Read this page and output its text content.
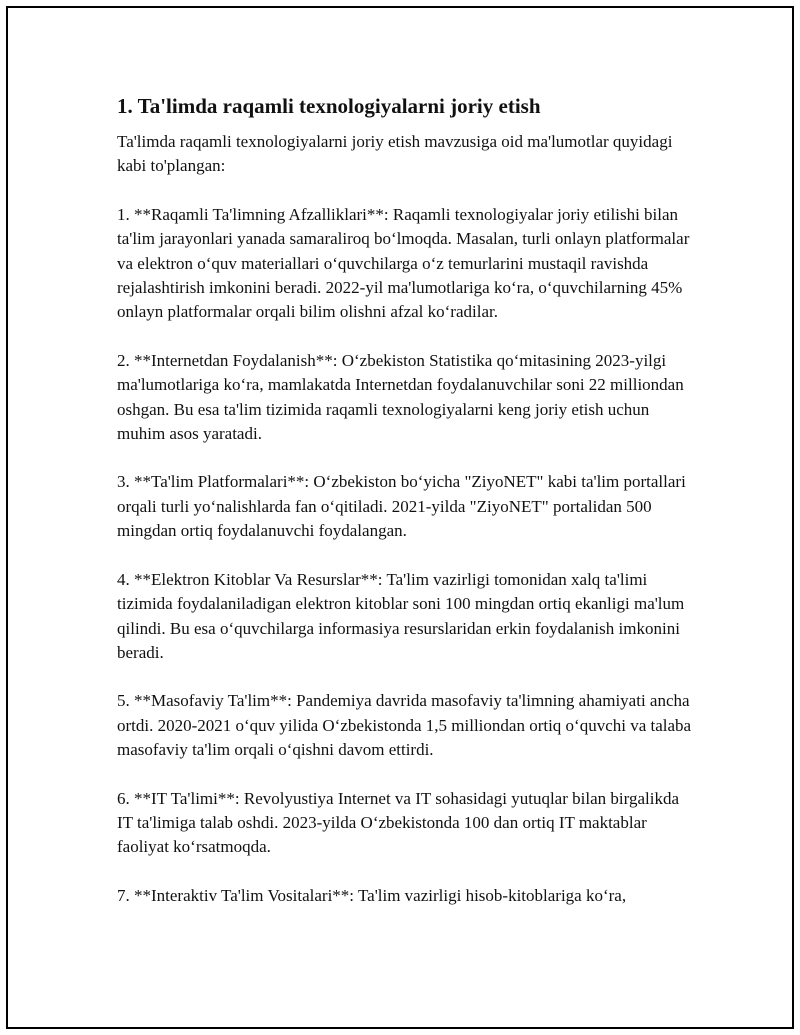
1. Ta'limda raqamli texnologiyalarni joriy etish

Ta'limda raqamli texnologiyalarni joriy etish mavzusiga oid ma'lumotlar quyidagi kabi to'plangan:

1. **Raqamli Ta'limning Afzalliklari**: Raqamli texnologiyalar joriy etilishi bilan ta'lim jarayonlari yanada samaraliroq bo‘lmoqda. Masalan, turli onlayn platformalar va elektron o‘quv materiallari o‘quvchilarga o‘z temurlarini mustaqil ravishda rejalashtirish imkonini beradi. 2022-yil ma'lumotlariga ko‘ra, o‘quvchilarning 45% onlayn platformalar orqali bilim olishni afzal ko‘radilar.

2. **Internetdan Foydalanish**: O‘zbekiston Statistika qo‘mitasining 2023-yilgi ma'lumotlariga ko‘ra, mamlakatda Internetdan foydalanuvchilar soni 22 milliondan oshgan. Bu esa ta'lim tizimida raqamli texnologiyalarni keng joriy etish uchun muhim asos yaratadi.

3. **Ta'lim Platformalari**: O‘zbekiston bo‘yicha "ZiyoNET" kabi ta'lim portallari orqali turli yo‘nalishlarda fan o‘qitiladi. 2021-yilda "ZiyoNET" portalidan 500 mingdan ortiq foydalanuvchi foydalangan.

4. **Elektron Kitoblar Va Resurslar**: Ta'lim vazirligi tomonidan xalq ta'limi tizimida foydalaniladigan elektron kitoblar soni 100 mingdan ortiq ekanligi ma'lum qilindi. Bu esa o‘quvchilarga informasiya resurslaridan erkin foydalanish imkonini beradi.

5. **Masofaviy Ta'lim**: Pandemiya davrida masofaviy ta'limning ahamiyati ancha ortdi. 2020-2021 o‘quv yilida O‘zbekistonda 1,5 milliondan ortiq o‘quvchi va talaba masofaviy ta'lim orqali o‘qishni davom ettirdi.

6. **IT Ta'limi**: Revolyustiya Internet va IT sohasidagi yutuqlar bilan birgalikda IT ta'limiga talab oshdi. 2023-yilda O‘zbekistonda 100 dan ortiq IT maktablar faoliyat ko‘rsatmoqda.

7. **Interaktiv Ta'lim Vositalari**: Ta'lim vazirligi hisob-kitoblariga ko‘ra,
